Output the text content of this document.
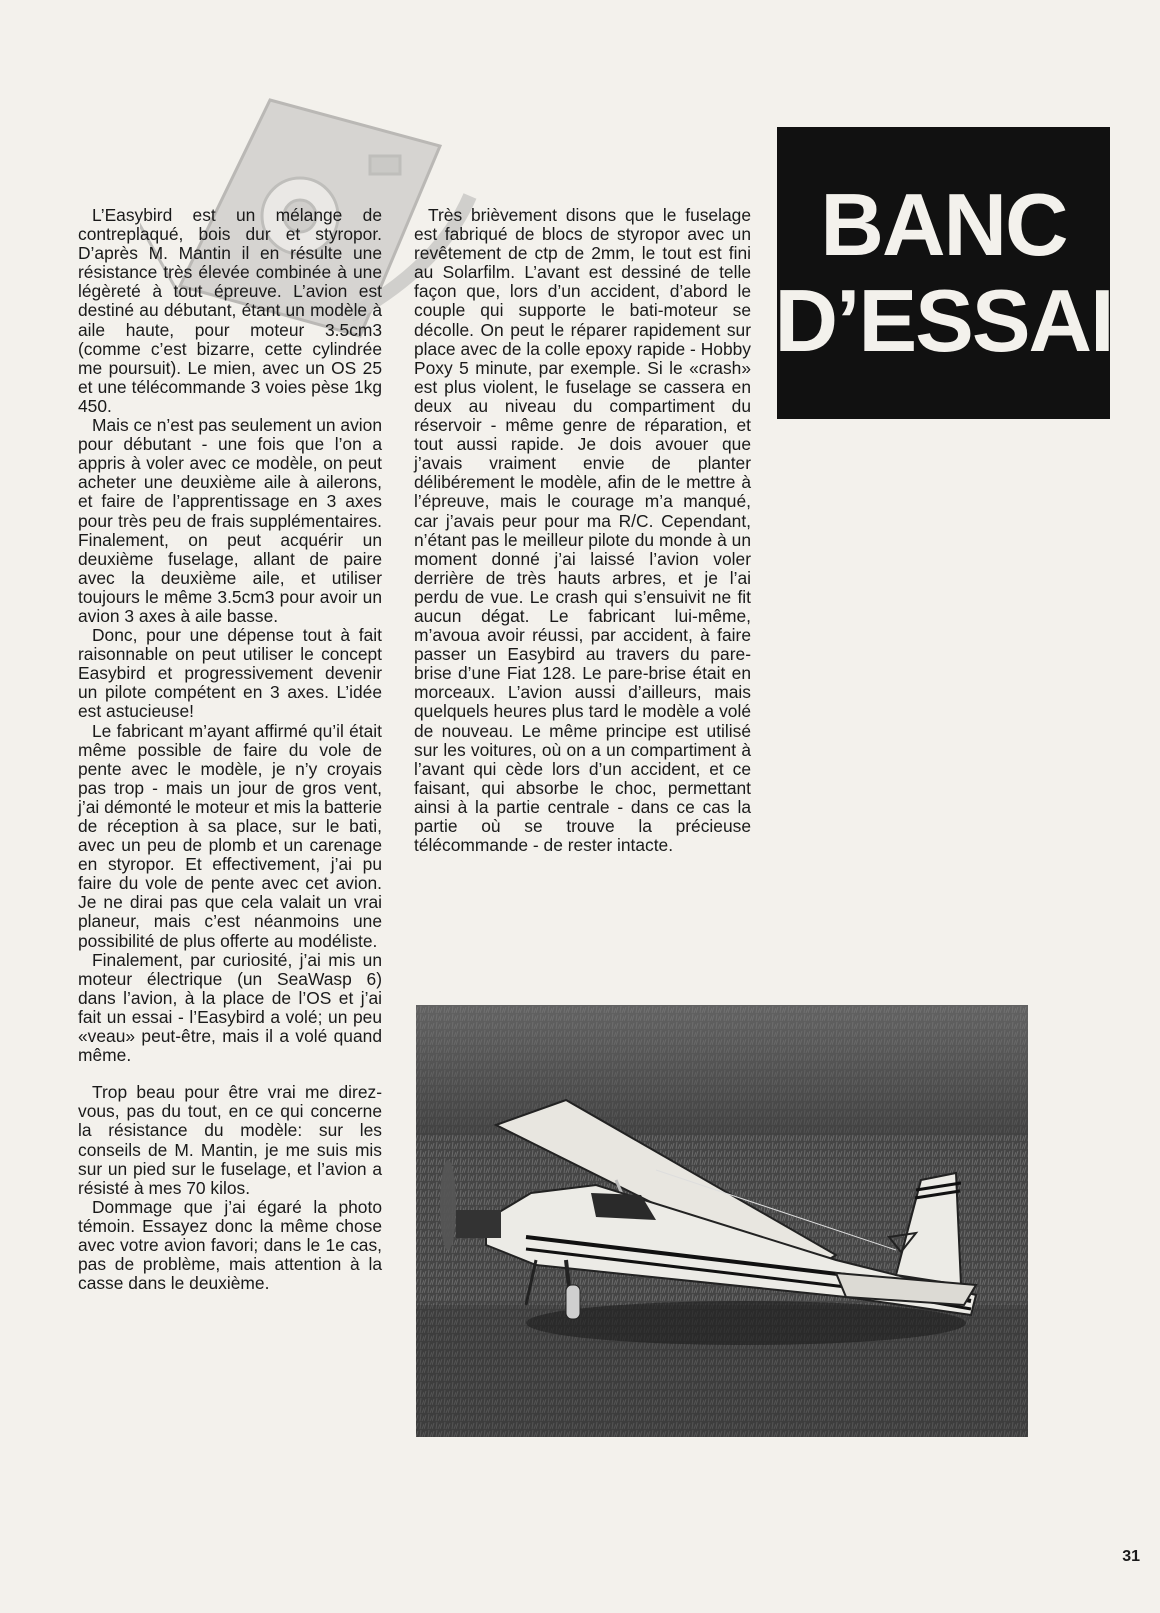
L’Easybird est un mélange de contreplaqué, bois dur et styropor. D’après M. Mantin il en résulte une résistance très élevée combinée à une légèreté à tout épreuve. L’avion est destiné au débutant, étant un modèle à aile haute, pour moteur 3.5cm3 (comme c’est bizarre, cette cylindrée me poursuit). Le mien, avec un OS 25 et une télécommande 3 voies pèse 1kg 450.

Mais ce n’est pas seulement un avion pour débutant - une fois que l’on a appris à voler avec ce modèle, on peut acheter une deuxième aile à ailerons, et faire de l’apprentissage en 3 axes pour très peu de frais supplémentaires. Finalement, on peut acquérir un deuxième fuselage, allant de paire avec la deuxième aile, et utiliser toujours le même 3.5cm3 pour avoir un avion 3 axes à aile basse.

Donc, pour une dépense tout à fait raisonnable on peut utiliser le concept Easybird et progressivement devenir un pilote compétent en 3 axes. L’idée est astucieuse!

Le fabricant m’ayant affirmé qu’il était même possible de faire du vole de pente avec le modèle, je n’y croyais pas trop - mais un jour de gros vent, j’ai démonté le moteur et mis la batterie de réception à sa place, sur le bati, avec un peu de plomb et un carenage en styropor. Et effectivement, j’ai pu faire du vole de pente avec cet avion. Je ne dirai pas que cela valait un vrai planeur, mais c’est néanmoins une possibilité de plus offerte au modéliste.

Finalement, par curiosité, j’ai mis un moteur électrique (un SeaWasp 6) dans l’avion, à la place de l’OS et j’ai fait un essai - l’Easybird a volé; un peu «veau» peut-être, mais il a volé quand même.

Trop beau pour être vrai me direz-vous, pas du tout, en ce qui concerne la résistance du modèle: sur les conseils de M. Mantin, je me suis mis sur un pied sur le fuselage, et l’avion a résisté à mes 70 kilos.

Dommage que j’ai égaré la photo témoin. Essayez donc la même chose avec votre avion favori; dans le 1e cas, pas de problème, mais attention à la casse dans le deuxième.

Très brièvement disons que le fuselage est fabriqué de blocs de styropor avec un revêtement de ctp de 2mm, le tout est fini au Solarfilm. L’avant est dessiné de telle façon que, lors d’un accident, d’abord le couple qui supporte le bati-moteur se décolle. On peut le réparer rapidement sur place avec de la colle epoxy rapide - Hobby Poxy 5 minute, par exemple. Si le «crash» est plus violent, le fuselage se cassera en deux au niveau du compartiment du réservoir - même genre de réparation, et tout aussi rapide. Je dois avouer que j’avais vraiment envie de planter délibérement le modèle, afin de le mettre à l’épreuve, mais le courage m’a manqué, car j’avais peur pour ma R/C. Cependant, n’étant pas le meilleur pilote du monde à un moment donné j’ai laissé l’avion voler derrière de très hauts arbres, et je l’ai perdu de vue. Le crash qui s’ensuivit ne fit aucun dégat. Le fabricant lui-même, m’avoua avoir réussi, par accident, à faire passer un Easybird au travers du pare-brise d’une Fiat 128. Le pare-brise était en morceaux. L’avion aussi d’ailleurs, mais quelquels heures plus tard le modèle a volé de nouveau. Le même principe est utilisé sur les voitures, où on a un compartiment à l’avant qui cède lors d’un accident, et ce faisant, qui absorbe le choc, permettant ainsi à la partie centrale - dans ce cas la partie où se trouve la précieuse télécommande - de rester intacte.

BANC
D’ESSAI
31
